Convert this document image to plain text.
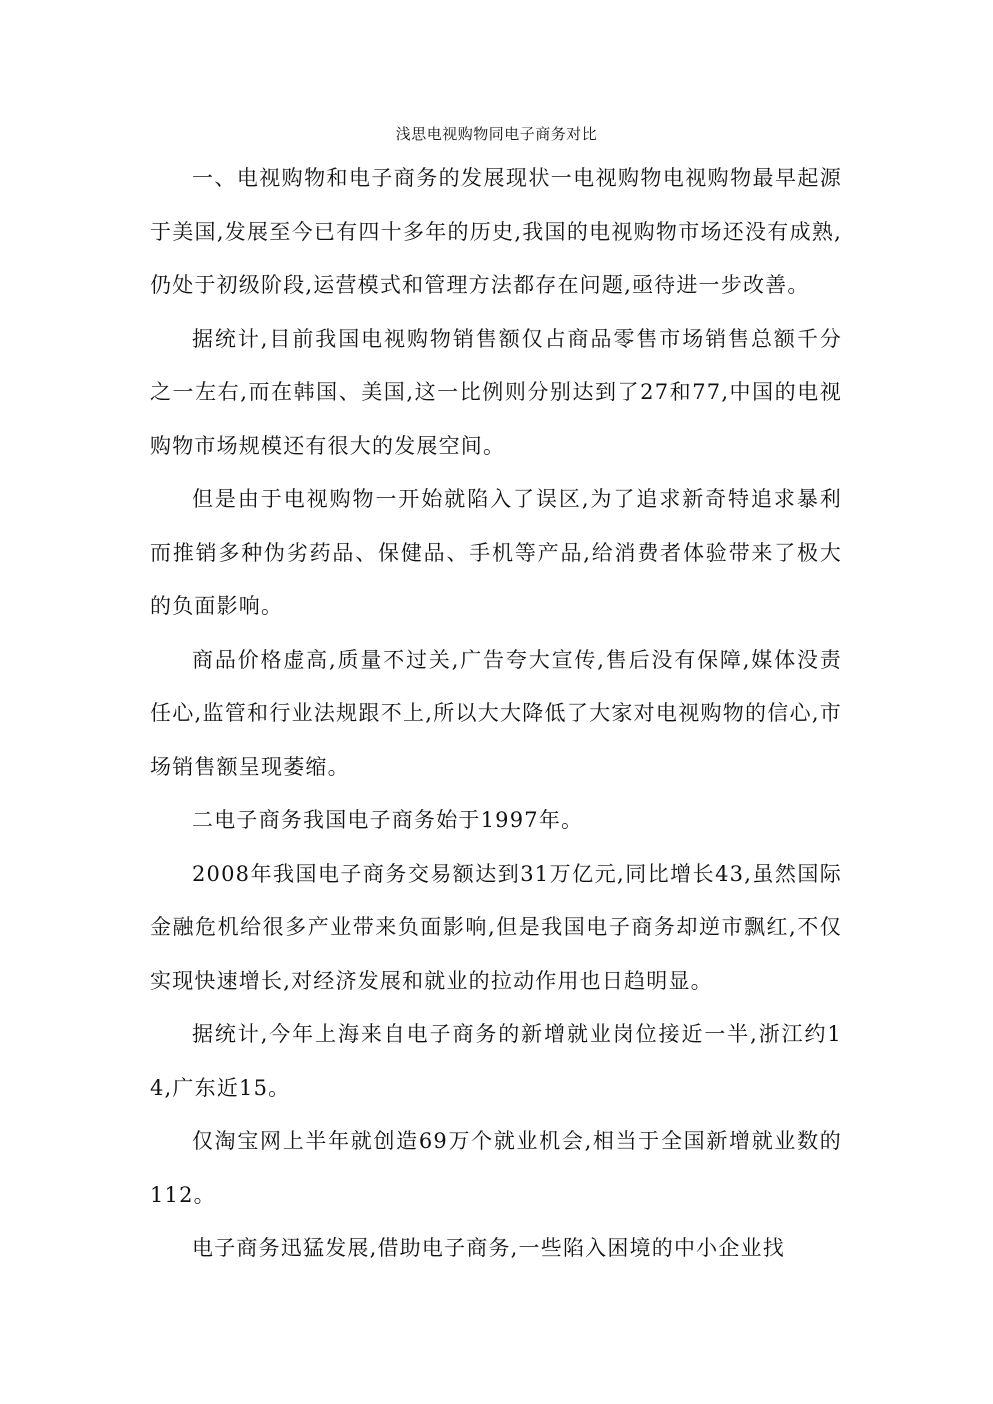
浅思电视购物同电子商务对比

一、电视购物和电子商务的发展现状一电视购物电视购物最早起源于美国,发展至今已有四十多年的历史,我国的电视购物市场还没有成熟,仍处于初级阶段,运营模式和管理方法都存在问题,亟待进一步改善。

据统计,目前我国电视购物销售额仅占商品零售市场销售总额千分之一左右,而在韩国、美国,这一比例则分别达到了27和77,中国的电视购物市场规模还有很大的发展空间。

但是由于电视购物一开始就陷入了误区,为了追求新奇特追求暴利而推销多种伪劣药品、保健品、手机等产品,给消费者体验带来了极大的负面影响。

商品价格虚高,质量不过关,广告夸大宣传,售后没有保障,媒体没责任心,监管和行业法规跟不上,所以大大降低了大家对电视购物的信心,市场销售额呈现萎缩。

二电子商务我国电子商务始于1997年。

2008年我国电子商务交易额达到31万亿元,同比增长43,虽然国际金融危机给很多产业带来负面影响,但是我国电子商务却逆市飘红,不仅实现快速增长,对经济发展和就业的拉动作用也日趋明显。

据统计,今年上海来自电子商务的新增就业岗位接近一半,浙江约14,广东近15。

仅淘宝网上半年就创造69万个就业机会,相当于全国新增就业数的112。

电子商务迅猛发展,借助电子商务,一些陷入困境的中小企业找
